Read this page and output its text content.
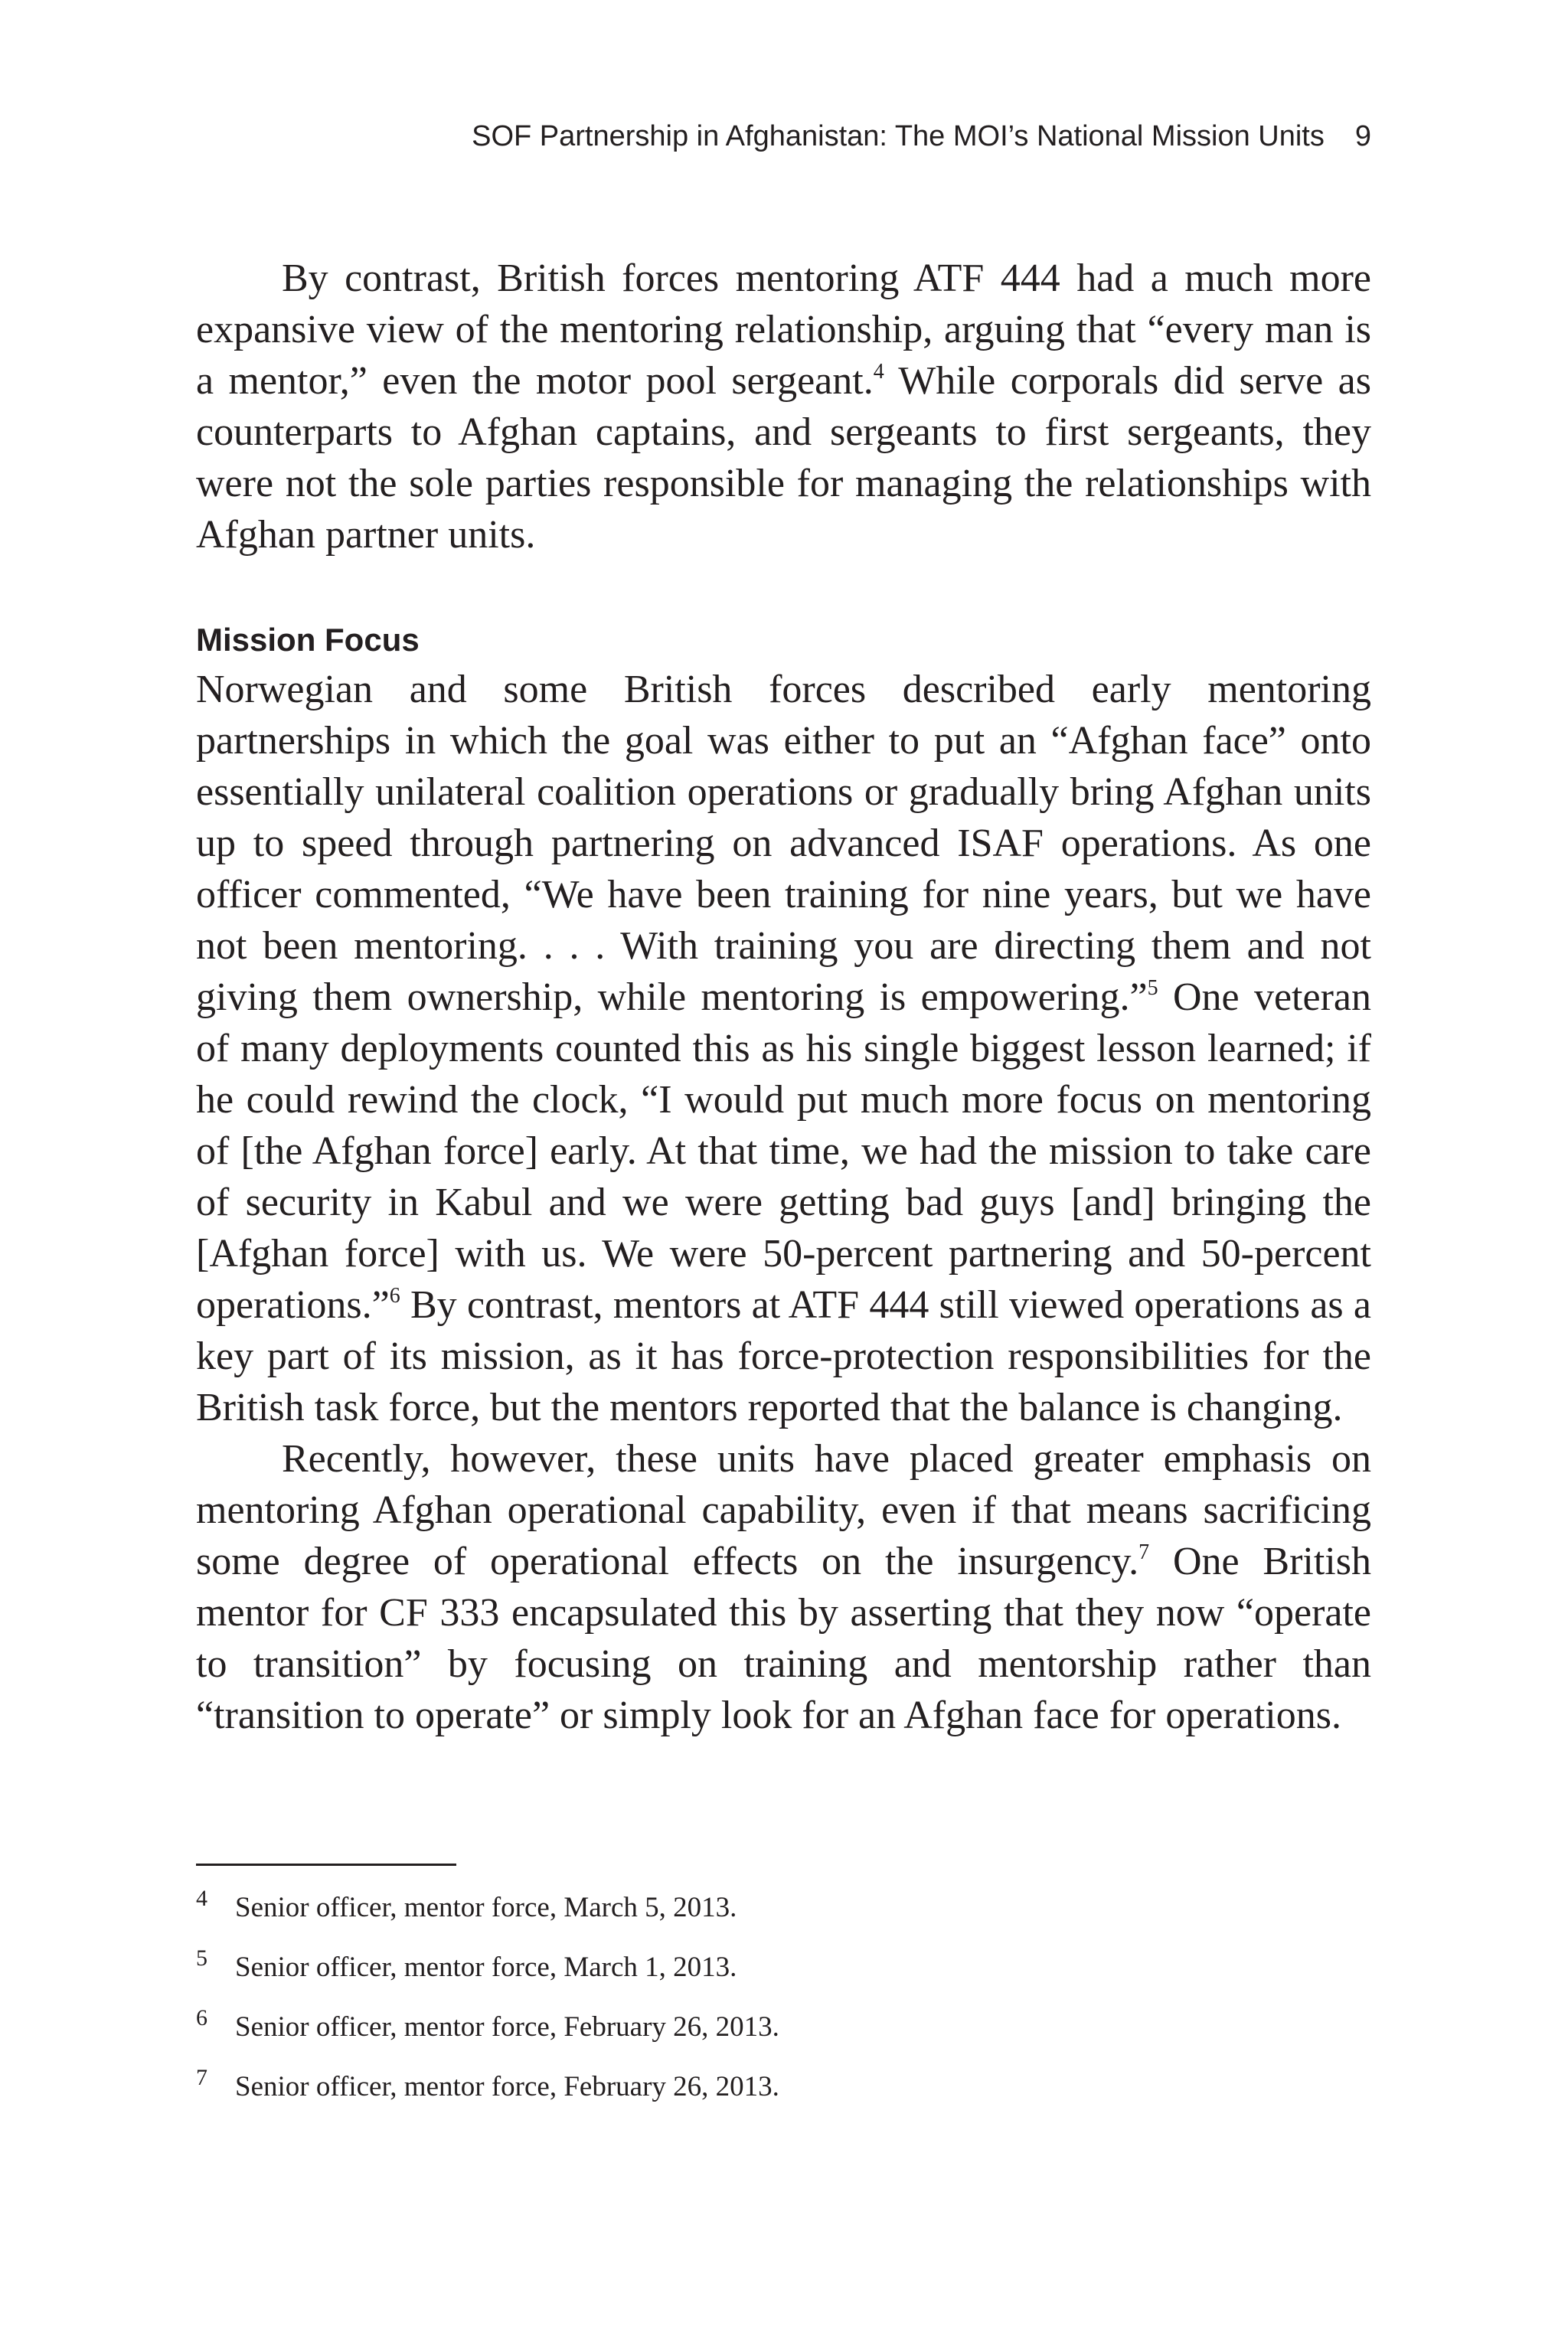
SOF Partnership in Afghanistan: The MOI’s National Mission Units 9

By contrast, British forces mentoring ATF 444 had a much more expansive view of the mentoring relationship, arguing that “every man is a mentor,” even the motor pool sergeant.$^4$ While corporals did serve as counterparts to Afghan captains, and sergeants to first sergeants, they were not the sole parties responsible for managing the relationships with Afghan partner units.

Mission Focus

Norwegian and some British forces described early mentoring partnerships in which the goal was either to put an “Afghan face” onto essentially unilateral coalition operations or gradually bring Afghan units up to speed through partnering on advanced ISAF operations. As one officer commented, “We have been training for nine years, but we have not been mentoring. . . . With training you are directing them and not giving them ownership, while mentoring is empowering.”$^5$ One veteran of many deployments counted this as his single biggest lesson learned; if he could rewind the clock, “I would put much more focus on mentoring of [the Afghan force] early. At that time, we had the mission to take care of security in Kabul and we were getting bad guys [and] bringing the [Afghan force] with us. We were 50-percent partnering and 50-percent operations.”$^6$ By contrast, mentors at ATF 444 still viewed operations as a key part of its mission, as it has force-protection responsibilities for the British task force, but the mentors reported that the balance is changing.

Recently, however, these units have placed greater emphasis on mentoring Afghan operational capability, even if that means sacrificing some degree of operational effects on the insurgency.$^7$ One British mentor for CF 333 encapsulated this by asserting that they now “operate to transition” by focusing on training and mentorship rather than “transition to operate” or simply look for an Afghan face for operations.

4 Senior officer, mentor force, March 5, 2013.
5 Senior officer, mentor force, March 1, 2013.
6 Senior officer, mentor force, February 26, 2013.
7 Senior officer, mentor force, February 26, 2013.
